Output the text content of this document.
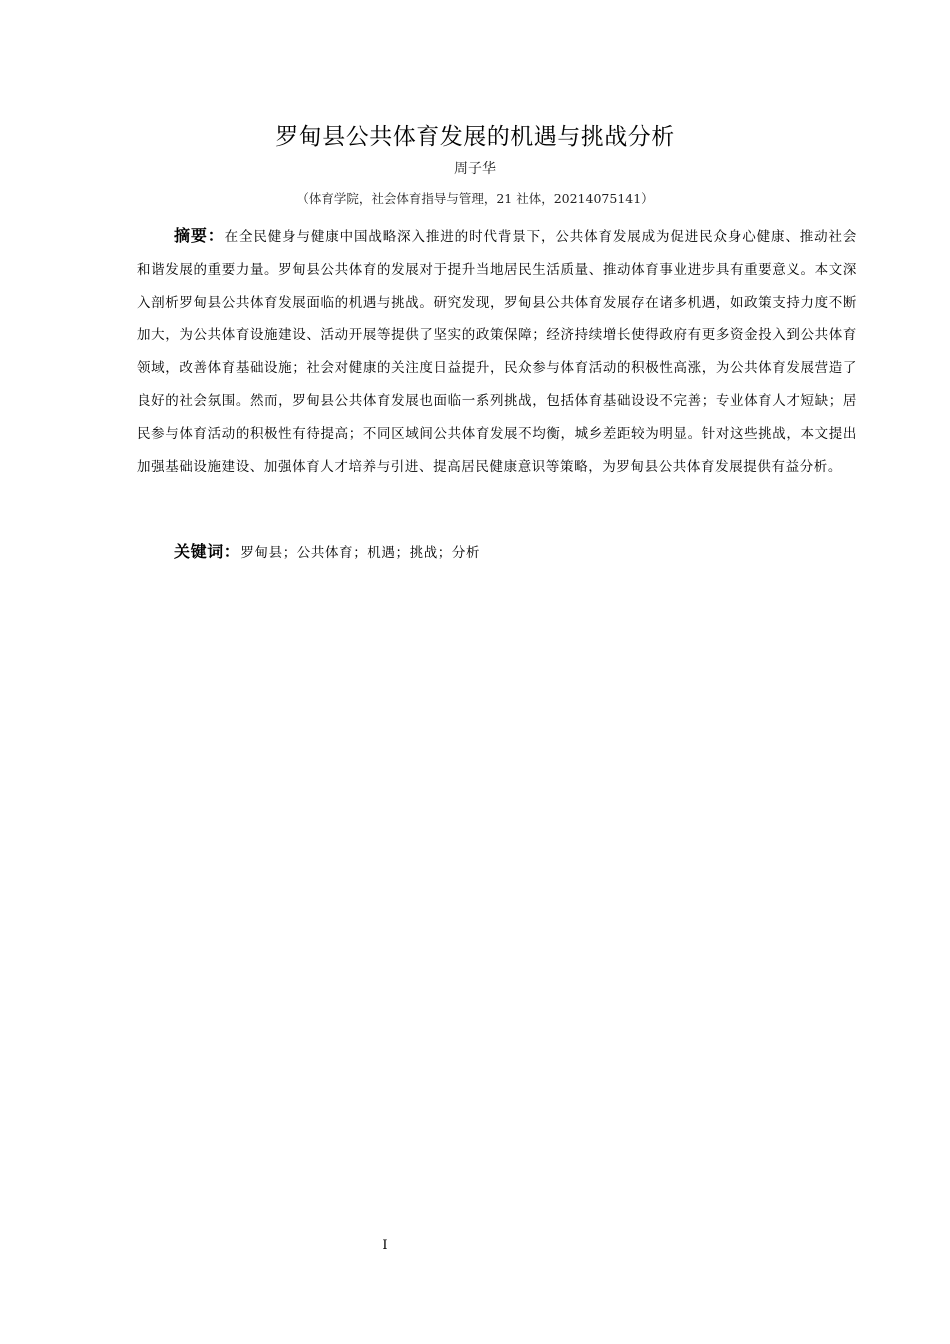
罗甸县公共体育发展的机遇与挑战分析
周子华
（体育学院，社会体育指导与管理，21 社体，20214075141）

摘要：在全民健身与健康中国战略深入推进的时代背景下，公共体育发展成为促进民众身心健康、推动社会和谐发展的重要力量。罗甸县公共体育的发展对于提升当地居民生活质量、推动体育事业进步具有重要意义。本文深入剖析罗甸县公共体育发展面临的机遇与挑战。研究发现，罗甸县公共体育发展存在诸多机遇，如政策支持力度不断加大，为公共体育设施建设、活动开展等提供了坚实的政策保障；经济持续增长使得政府有更多资金投入到公共体育领域，改善体育基础设施；社会对健康的关注度日益提升，民众参与体育活动的积极性高涨，为公共体育发展营造了良好的社会氛围。然而，罗甸县公共体育发展也面临一系列挑战，包括体育基础设设不完善；专业体育人才短缺；居民参与体育活动的积极性有待提高；不同区域间公共体育发展不均衡，城乡差距较为明显。针对这些挑战，本文提出加强基础设施建设、加强体育人才培养与引进、提高居民健康意识等策略，为罗甸县公共体育发展提供有益分析。

关键词：罗甸县；公共体育；机遇；挑战；分析

I
